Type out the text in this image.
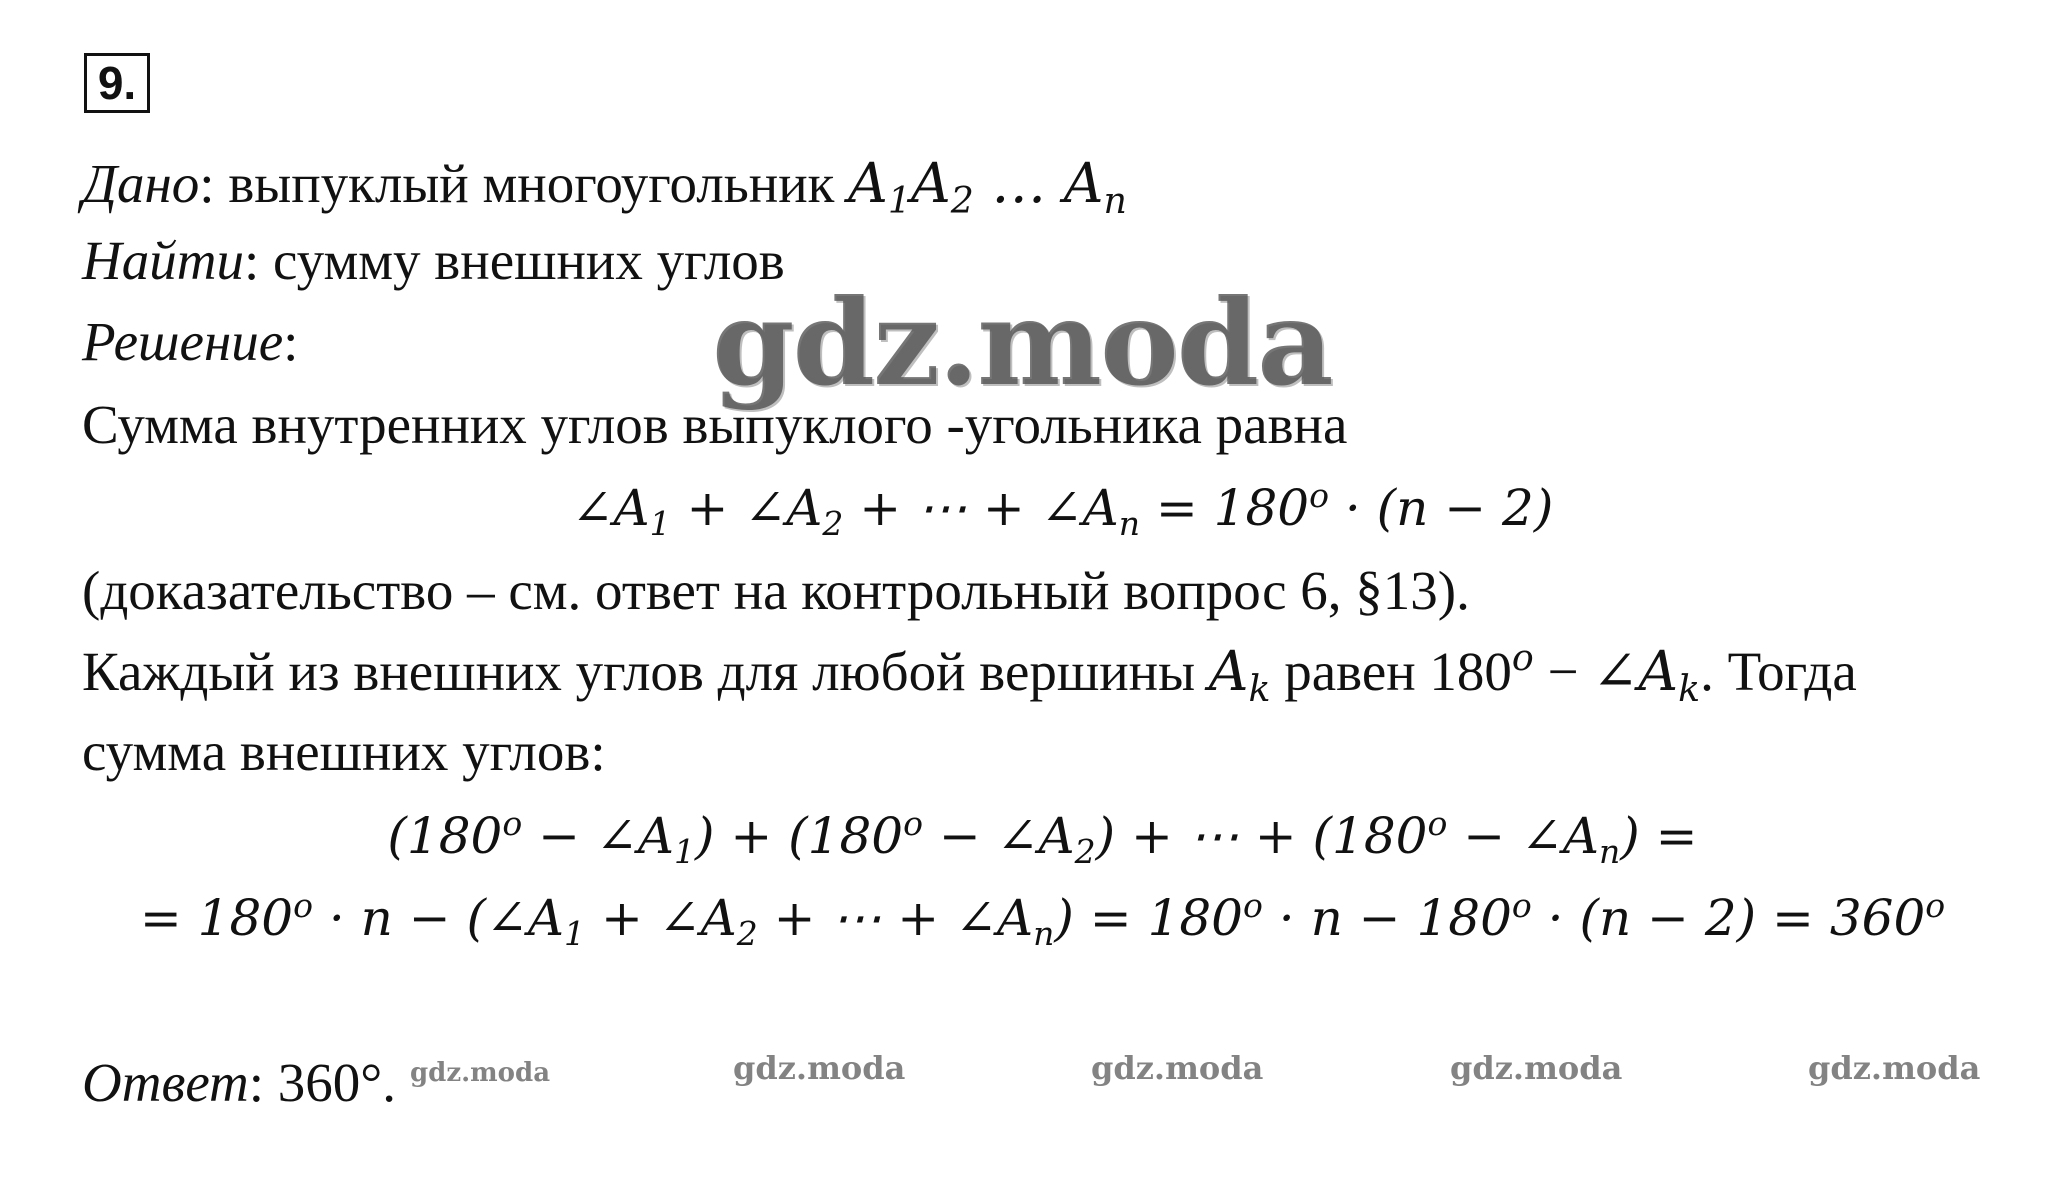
9.
Дано: выпуклый многоугольник $A_1A_2$ … $A_n$
Найти: сумму внешних углов
Решение:
Сумма внутренних углов выпуклого -угольника равна
$\angle A_1$ + $\angle A_2$ + ⋯ + $\angle A_n = 180^o \cdot (n - 2)$
(доказательство – см. ответ на контрольный вопрос 6, §13).
Каждый из внешних углов для любой вершины $A_k$ равен $180^o$ − $\angle A_k$. Тогда
сумма внешних углов:
($180^o$ − $\angle A_1) + (180^o$ − $\angle A_2$) + ⋯ + ($180^o$ − $\angle A_n$) =
= $180^o \cdot n$ − ($\angle A_1$ + $\angle A_2$ + ⋯ + $\angle A_n) = 180^o \cdot n - 180^o \cdot (n - 2) = 360^o$
Ответ: 360°.
gdz.moda
gdz.moda	gdz.moda	gdz.moda	gdz.moda	gdz.moda
